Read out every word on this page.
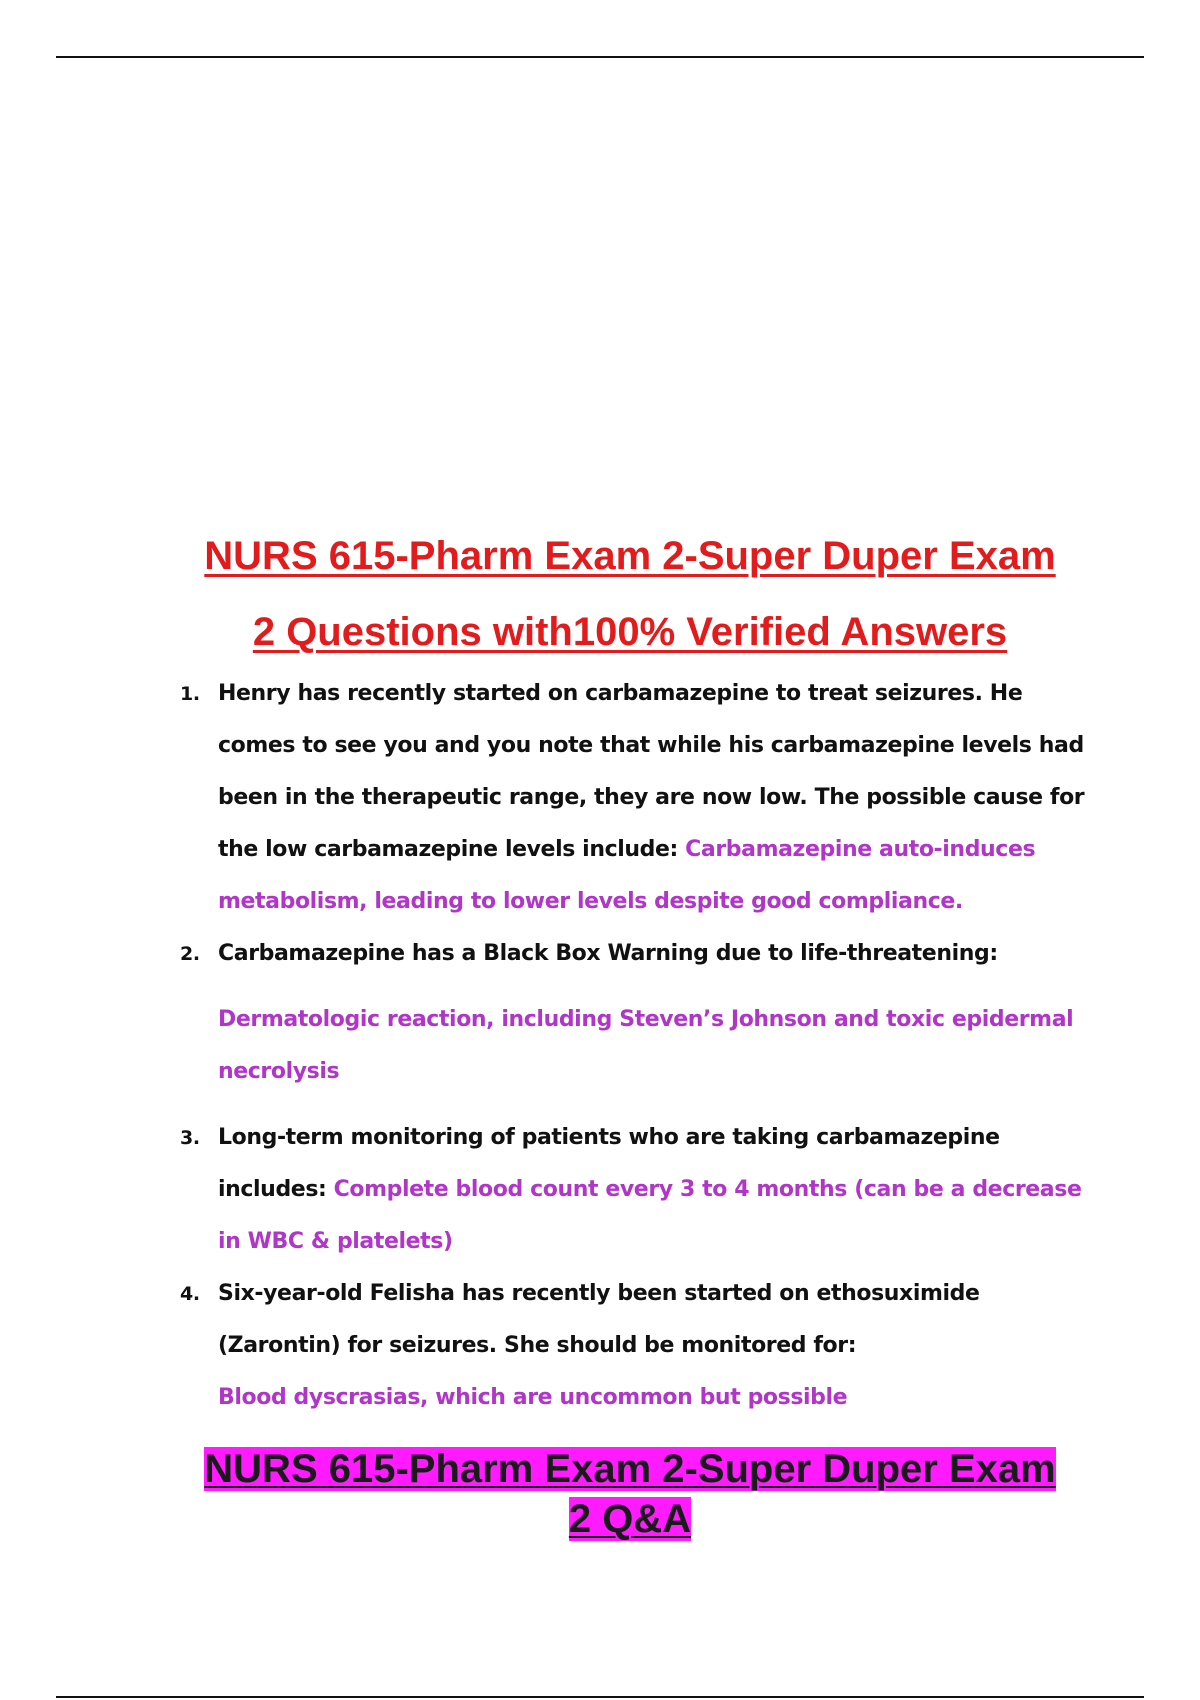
NURS 615-Pharm Exam 2-Super Duper Exam
2 Questions with100% Verified Answers
1. Henry has recently started on carbamazepine to treat seizures. He comes to see you and you note that while his carbamazepine levels had been in the therapeutic range, they are now low. The possible cause for the low carbamazepine levels include: Carbamazepine auto-induces metabolism, leading to lower levels despite good compliance.
2. Carbamazepine has a Black Box Warning due to life-threatening:
Dermatologic reaction, including Steven’s Johnson and toxic epidermal necrolysis
3. Long-term monitoring of patients who are taking carbamazepine includes: Complete blood count every 3 to 4 months (can be a decrease in WBC & platelets)
4. Six-year-old Felisha has recently been started on ethosuximide (Zarontin) for seizures. She should be monitored for:
Blood dyscrasias, which are uncommon but possible
NURS 615-Pharm Exam 2-Super Duper Exam
2 Q&A
